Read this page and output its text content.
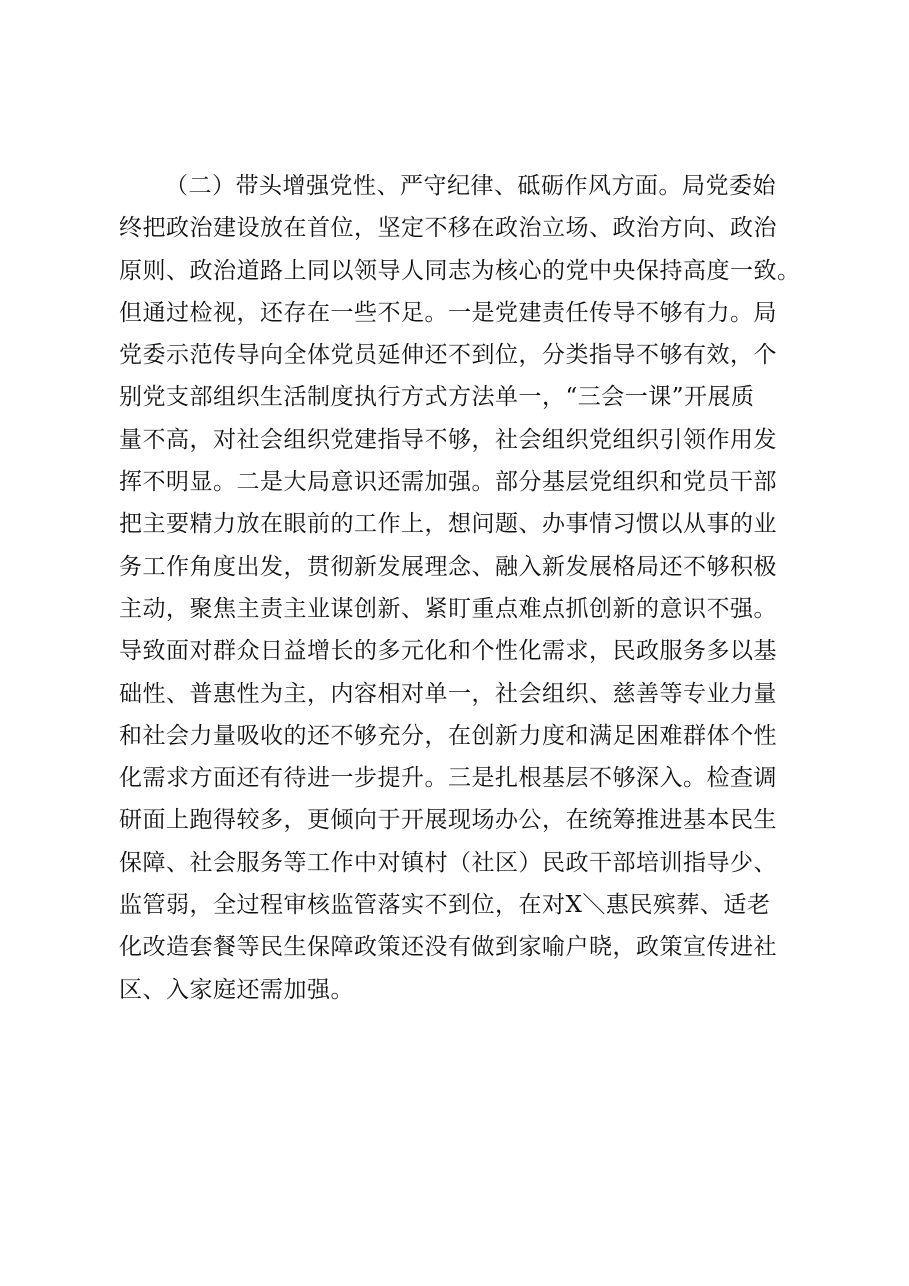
（二）带头增强党性、严守纪律、砥砺作风方面。局党委始
终把政治建设放在首位，坚定不移在政治立场、政治方向、政治
原则、政治道路上同以领导人同志为核心的党中央保持高度一致。
但通过检视，还存在一些不足。一是党建责任传导不够有力。局
党委示范传导向全体党员延伸还不到位，分类指导不够有效，个
别党支部组织生活制度执行方式方法单一，“三会一课”开展质
量不高，对社会组织党建指导不够，社会组织党组织引领作用发
挥不明显。二是大局意识还需加强。部分基层党组织和党员干部
把主要精力放在眼前的工作上，想问题、办事情习惯以从事的业
务工作角度出发，贯彻新发展理念、融入新发展格局还不够积极
主动，聚焦主责主业谋创新、紧盯重点难点抓创新的意识不强。
导致面对群众日益增长的多元化和个性化需求，民政服务多以基
础性、普惠性为主，内容相对单一，社会组织、慈善等专业力量
和社会力量吸收的还不够充分，在创新力度和满足困难群体个性
化需求方面还有待进一步提升。三是扎根基层不够深入。检查调
研面上跑得较多，更倾向于开展现场办公，在统筹推进基本民生
保障、社会服务等工作中对镇村（社区）民政干部培训指导少、
监管弱，全过程审核监管落实不到位，在对X＼惠民殡葬、适老
化改造套餐等民生保障政策还没有做到家喻户晓，政策宣传进社
区、入家庭还需加强。
